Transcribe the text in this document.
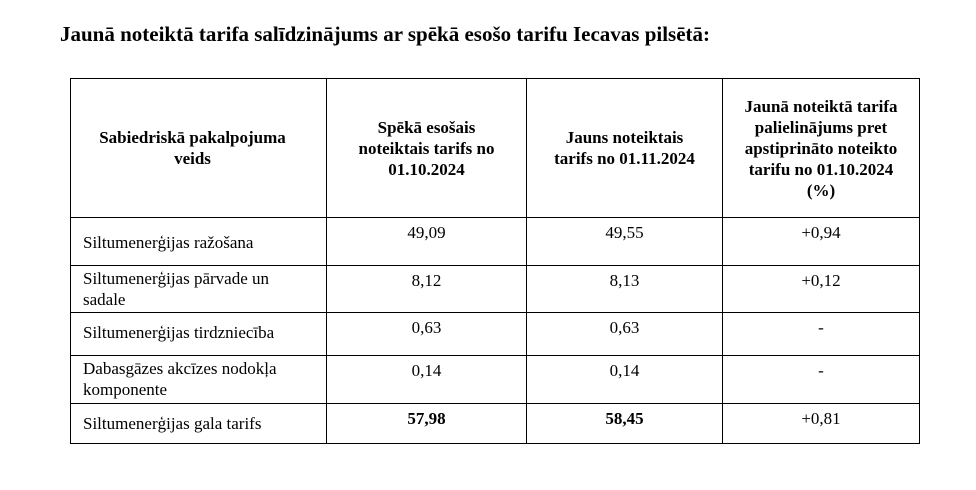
Jaunā noteiktā tarifa salīdzinājums ar spēkā esošo tarifu Iecavas pilsētā:
Sabiedriskā pakalpojuma veids	Spēkā esošais noteiktais tarifs no 01.10.2024	Jauns noteiktais tarifs no 01.11.2024	Jaunā noteiktā tarifa palielinājums pret apstiprināto noteikto tarifu no 01.10.2024 (%)
Siltumenerģijas ražošana	49,09	49,55	+0,94
Siltumenerģijas pārvade un sadale	8,12	8,13	+0,12
Siltumenerģijas tirdzniecība	0,63	0,63	-
Dabasgāzes akcīzes nodokļa komponente	0,14	0,14	-
Siltumenerģijas gala tarifs	57,98	58,45	+0,81
